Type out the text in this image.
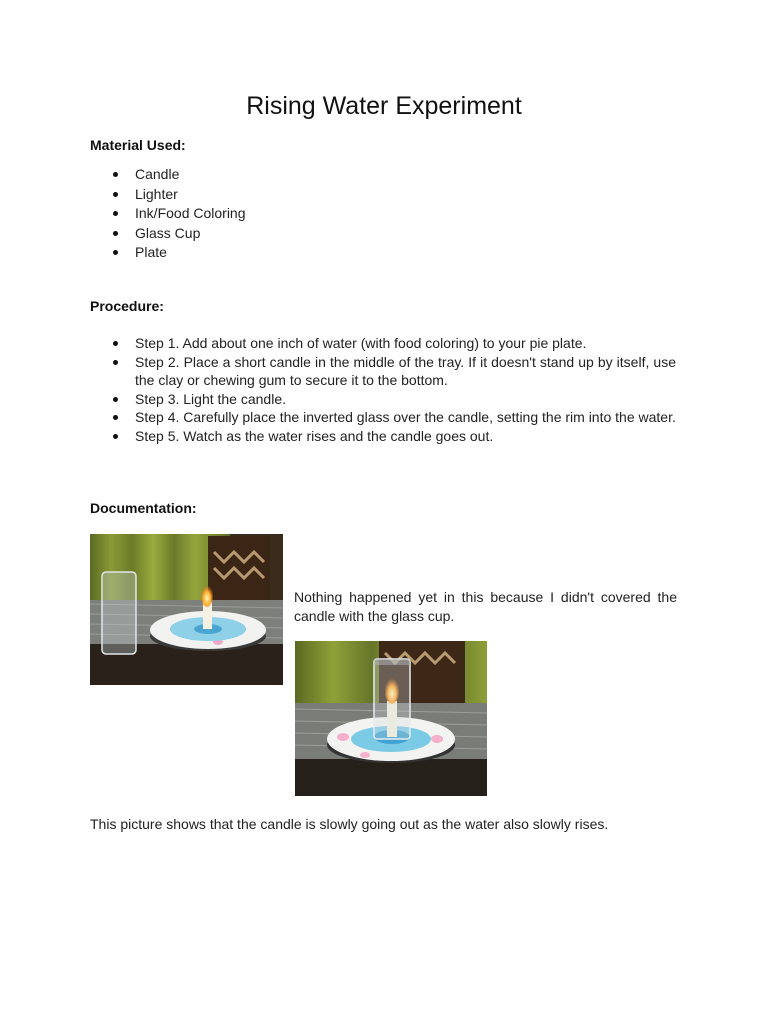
Rising Water Experiment

Material Used:

Candle
Lighter
Ink/Food Coloring
Glass Cup
Plate

Procedure:

Step 1. Add about one inch of water (with food coloring) to your pie plate.
Step 2. Place a short candle in the middle of the tray. If it doesn't stand up by itself, use the clay or chewing gum to secure it to the bottom.
Step 3. Light the candle.
Step 4. Carefully place the inverted glass over the candle, setting the rim into the water.
Step 5. Watch as the water rises and the candle goes out.

Documentation:

Nothing happened yet in this because I didn't covered the candle with the glass cup.

This picture shows that the candle is slowly going out as the water also slowly rises.
